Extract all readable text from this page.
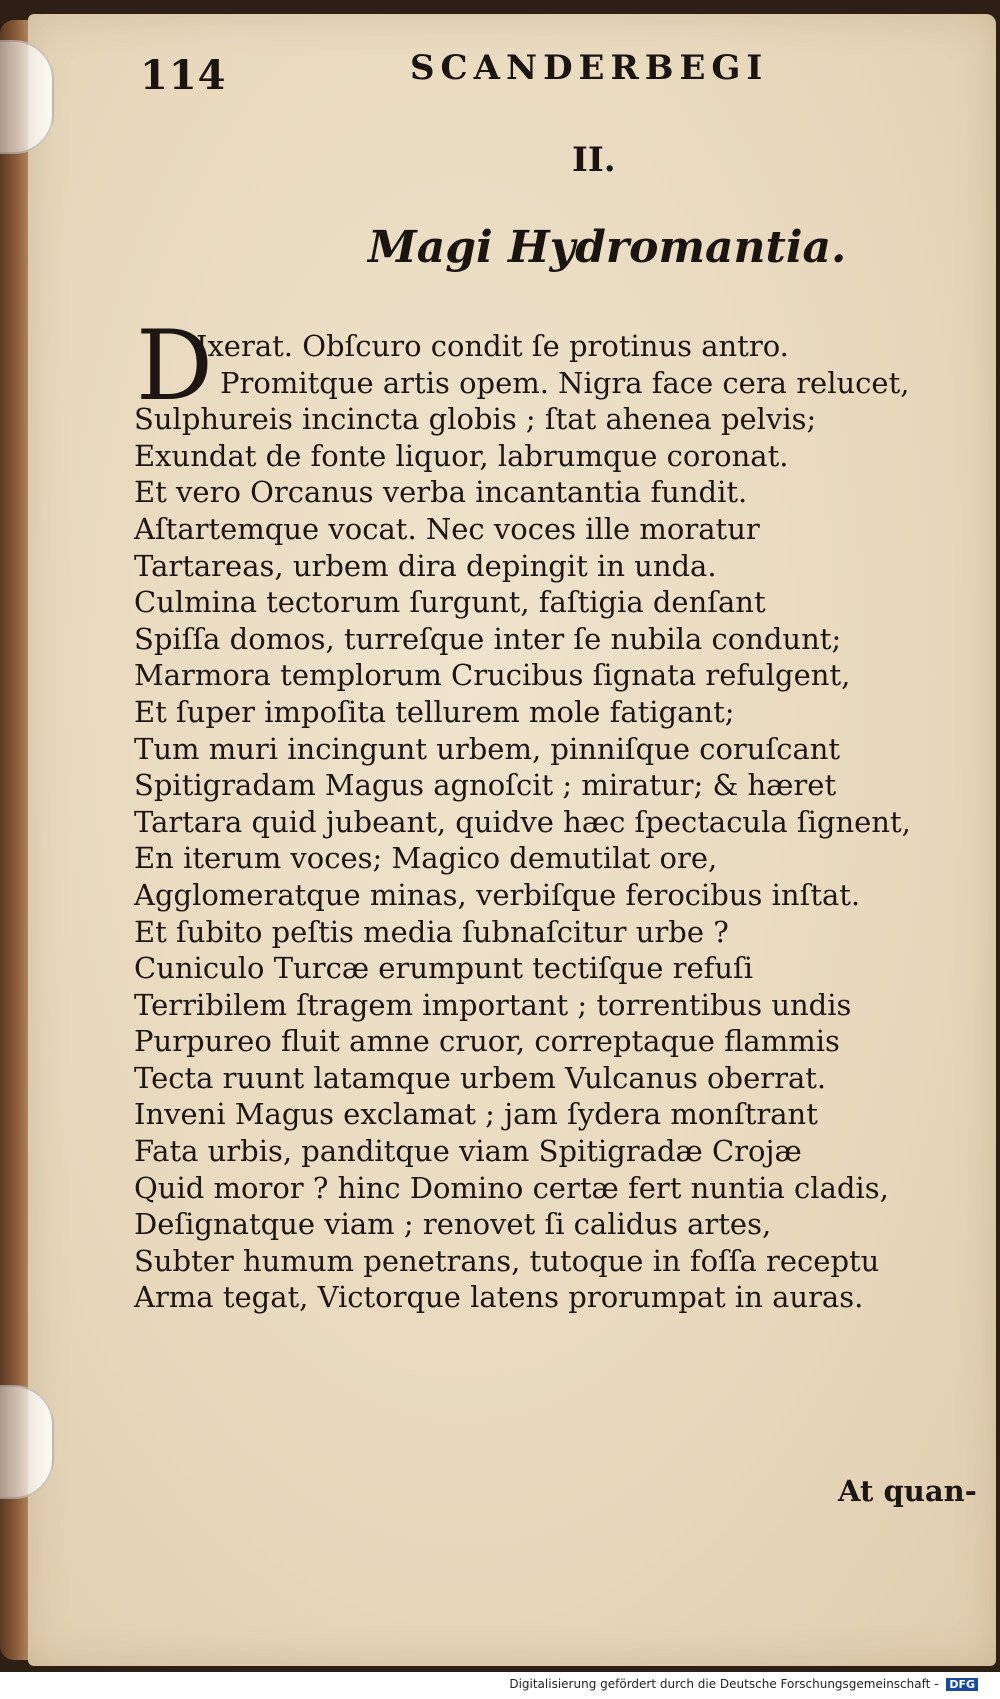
114	SCANDERBEGI
II.
Magi Hydromantia.
D
Ixerat. Obſcuro condit ſe protinus antro.
Promitque artis opem. Nigra face cera relucet,
Sulphureis incincta globis ; ſtat ahenea pelvis;
Exundat de fonte liquor, labrumque coronat.
Et vero Orcanus verba incantantia fundit.
Aſtartemque vocat. Nec voces ille moratur
Tartareas, urbem dira depingit in unda.
Culmina tectorum ſurgunt, faſtigia denſant
Spiſſa domos, turreſque inter ſe nubila condunt;
Marmora templorum Crucibus ſignata refulgent,
Et ſuper impoſita tellurem mole fatigant;
Tum muri incingunt urbem, pinniſque coruſcant
Spitigradam Magus agnoſcit ; miratur; & hæret
Tartara quid jubeant, quidve hæc ſpectacula ſignent,
En iterum voces; Magico demutilat ore,
Agglomeratque minas, verbiſque ferocibus inſtat.
Et ſubito peſtis media ſubnaſcitur urbe ?
Cuniculo Turcæ erumpunt tectiſque refuſi
Terribilem ſtragem important ; torrentibus undis
Purpureo fluit amne cruor, correptaque flammis
Tecta ruunt latamque urbem Vulcanus oberrat.
Inveni Magus exclamat ; jam ſydera monſtrant
Fata urbis, panditque viam Spitigradæ Crojæ
Quid moror ? hinc Domino certæ fert nuntia cladis,
Deſignatque viam ; renovet ſi calidus artes,
Subter humum penetrans, tutoque in foſſa receptu
Arma tegat, Victorque latens prorumpat in auras.
At quan-
Digitalisierung gefördert durch die Deutsche Forschungsgemeinschaft - DFG
